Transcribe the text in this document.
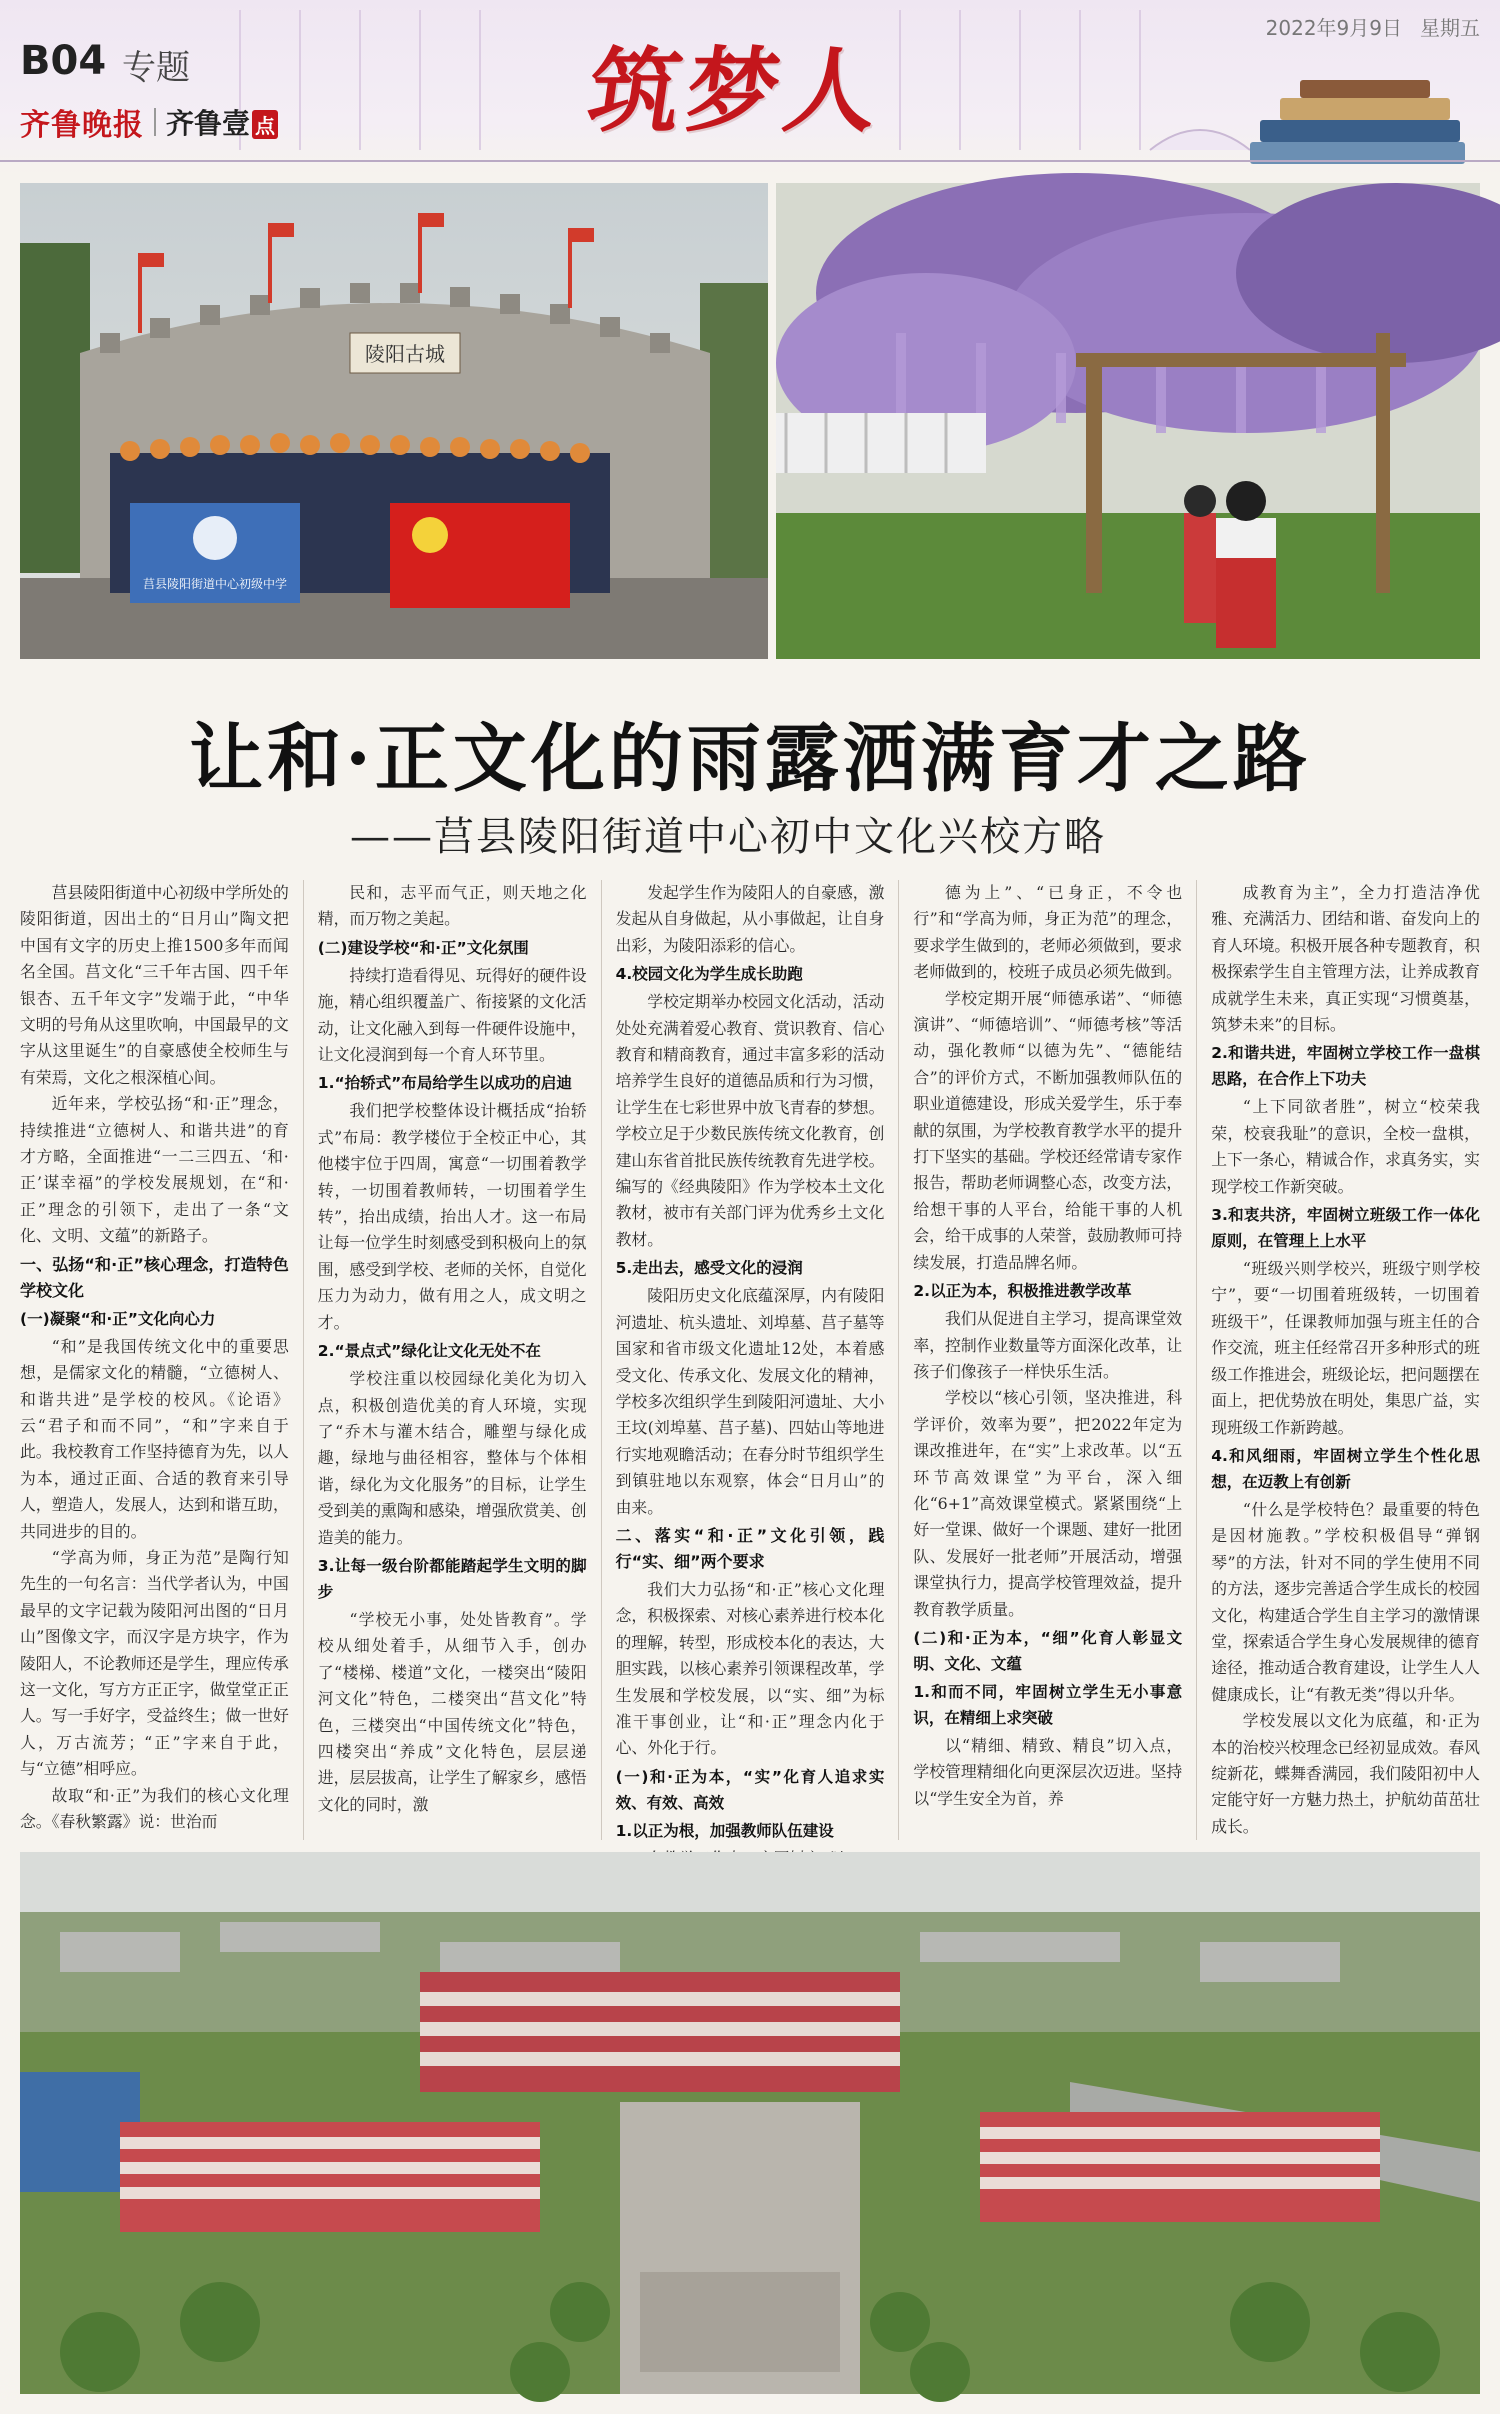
B04 专题
齐鲁晚报 齐鲁壹 点	筑梦人
2022年9月9日 星期五
陵阳古城
莒县陵阳街道中心初级中学
让和·正文化的雨露洒满育才之路
——莒县陵阳街道中心初中文化兴校方略

莒县陵阳街道中心初级中学所处的陵阳街道，因出土的“日月山”陶文把中国有文字的历史上推1500多年而闻名全国。莒文化“三千年古国、四千年银杏、五千年文字”发端于此，“中华文明的号角从这里吹响，中国最早的文字从这里诞生”的自豪感使全校师生与有荣焉，文化之根深植心间。

近年来，学校弘扬“和·正”理念，持续推进“立德树人、和谐共进”的育才方略，全面推进“一二三四五、‘和·正’谋幸福”的学校发展规划，在“和·正”理念的引领下，走出了一条“文化、文明、文蕴”的新路子。

一、弘扬“和·正”核心理念，打造特色学校文化
(一)凝聚“和·正”文化向心力

“和”是我国传统文化中的重要思想，是儒家文化的精髓，“立德树人、和谐共进”是学校的校风。《论语》云“君子和而不同”，“和”字来自于此。我校教育工作坚持德育为先，以人为本，通过正面、合适的教育来引导人，塑造人，发展人，达到和谐互助，共同进步的目的。

“学高为师，身正为范”是陶行知先生的一句名言：当代学者认为，中国最早的文字记载为陵阳河出图的“日月山”图像文字，而汉字是方块字，作为陵阳人，不论教师还是学生，理应传承这一文化，写方方正正字，做堂堂正正人。写一手好字，受益终生；做一世好人，万古流芳；“正”字来自于此，与“立德”相呼应。

故取“和·正”为我们的核心文化理念。《春秋繁露》说：世治而

民和，志平而气正，则天地之化精，而万物之美起。

(二)建设学校“和·正”文化氛围

持续打造看得见、玩得好的硬件设施，精心组织覆盖广、衔接紧的文化活动，让文化融入到每一件硬件设施中，让文化浸润到每一个育人环节里。

1.“抬轿式”布局给学生以成功的启迪

我们把学校整体设计概括成“抬轿式”布局：教学楼位于全校正中心，其他楼宇位于四周，寓意“一切围着教学转，一切围着教师转，一切围着学生转”，抬出成绩，抬出人才。这一布局让每一位学生时刻感受到积极向上的氛围，感受到学校、老师的关怀，自觉化压力为动力，做有用之人，成文明之才。

2.“景点式”绿化让文化无处不在

学校注重以校园绿化美化为切入点，积极创造优美的育人环境，实现了“乔木与灌木结合，雕塑与绿化成趣，绿地与曲径相容，整体与个体相谐，绿化为文化服务”的目标，让学生受到美的熏陶和感染，增强欣赏美、创造美的能力。

3.让每一级台阶都能踏起学生文明的脚步

“学校无小事，处处皆教育”。学校从细处着手，从细节入手，创办了“楼梯、楼道”文化，一楼突出“陵阳河文化”特色，二楼突出“莒文化”特色，三楼突出“中国传统文化”特色，四楼突出“养成”文化特色，层层递进，层层拔高，让学生了解家乡，感悟文化的同时，激

发起学生作为陵阳人的自豪感，激发起从自身做起，从小事做起，让自身出彩，为陵阳添彩的信心。

4.校园文化为学生成长助跑

学校定期举办校园文化活动，活动处处充满着爱心教育、赏识教育、信心教育和精商教育，通过丰富多彩的活动培养学生良好的道德品质和行为习惯，让学生在七彩世界中放飞青春的梦想。学校立足于少数民族传统文化教育，创建山东省首批民族传统教育先进学校。编写的《经典陵阳》作为学校本土文化教材，被市有关部门评为优秀乡土文化教材。

5.走出去，感受文化的浸润

陵阳历史文化底蕴深厚，内有陵阳河遗址、杭头遗址、刘埠墓、莒子墓等国家和省市级文化遗址12处，本着感受文化、传承文化、发展文化的精神，学校多次组织学生到陵阳河遗址、大小王坟(刘埠墓、莒子墓)、四姑山等地进行实地观瞻活动；在春分时节组织学生到镇驻地以东观察，体会“日月山”的由来。

二、落实“和·正”文化引领，践行“实、细”两个要求

我们大力弘扬“和·正”核心文化理念，积极探索、对核心素养进行校本化的理解，转型，形成校本化的表达，大胆实践，以核心素养引领课程改革，学生发展和学校发展，以“实、细”为标准干事创业，让“和·正”理念内化于心、外化于行。

(一)和·正为本，“实”化育人追求实效、有效、高效
1.以正为根，加强教师队伍建设

德为上”、“已身正，不令也行”和“学高为师，身正为范”的理念，要求学生做到的，老师必须做到，要求老师做到的，校班子成员必须先做到。

学校定期开展“师德承诺”、“师德演讲”、“师德培训”、“师德考核”等活动，强化教师“以德为先”、“德能结合”的评价方式，不断加强教师队伍的职业道德建设，形成关爱学生，乐于奉献的氛围，为学校教育教学水平的提升打下坚实的基础。学校还经常请专家作报告，帮助老师调整心态，改变方法，给想干事的人平台，给能干事的人机会，给干成事的人荣誉，鼓励教师可持续发展，打造品牌名师。

2.以正为本，积极推进教学改革

我们从促进自主学习，提高课堂效率，控制作业数量等方面深化改革，让孩子们像孩子一样快乐生活。

学校以“核心引领，坚决推进，科学评价，效率为要”，把2022年定为课改推进年，在“实”上求改革。以“五环节高效课堂”为平台，深入细化“6+1”高效课堂模式。紧紧围绕“上好一堂课、做好一个课题、建好一批团队、发展好一批老师”开展活动，增强课堂执行力，提高学校管理效益，提升教育教学质量。

(二)和·正为本，“细”化育人彰显文明、文化、文蕴
1.和而不同，牢固树立学生无小事意识，在精细上求突破

以“精细、精致、精良”切入点，学校管理精细化向更深层次迈进。坚持以“学生安全为首，养

成教育为主”，全力打造洁净优雅、充满活力、团结和谐、奋发向上的育人环境。积极开展各种专题教育，积极探索学生自主管理方法，让养成教育成就学生未来，真正实现“习惯奠基，筑梦未来”的目标。

2.和谐共进，牢固树立学校工作一盘棋思路，在合作上下功夫

“上下同欲者胜”，树立“校荣我荣，校衰我耻”的意识，全校一盘棋，上下一条心，精诚合作，求真务实，实现学校工作新突破。

3.和衷共济，牢固树立班级工作一体化原则，在管理上上水平

“班级兴则学校兴，班级宁则学校宁”，要“一切围着班级转，一切围着班级干”，任课教师加强与班主任的合作交流，班主任经常召开多种形式的班级工作推进会，班级论坛，把问题摆在面上，把优势放在明处，集思广益，实现班级工作新跨越。

4.和风细雨，牢固树立学生个性化思想，在迈教上有创新

“什么是学校特色？最重要的特色是因材施教。”学校积极倡导“弹钢琴”的方法，针对不同的学生使用不同的方法，逐步完善适合学生成长的校园文化，构建适合学生自主学习的激情课堂，探索适合学生身心发展规律的德育途径，推动适合教育建设，让学生人人健康成长，让“有教无类”得以升华。

学校发展以文化为底蕴，和·正为本的治校兴校理念已经初显成效。春风绽新花，蝶舞香满园，我们陵阳初中人定能守好一方魅力热土，护航幼苗茁壮成长。
